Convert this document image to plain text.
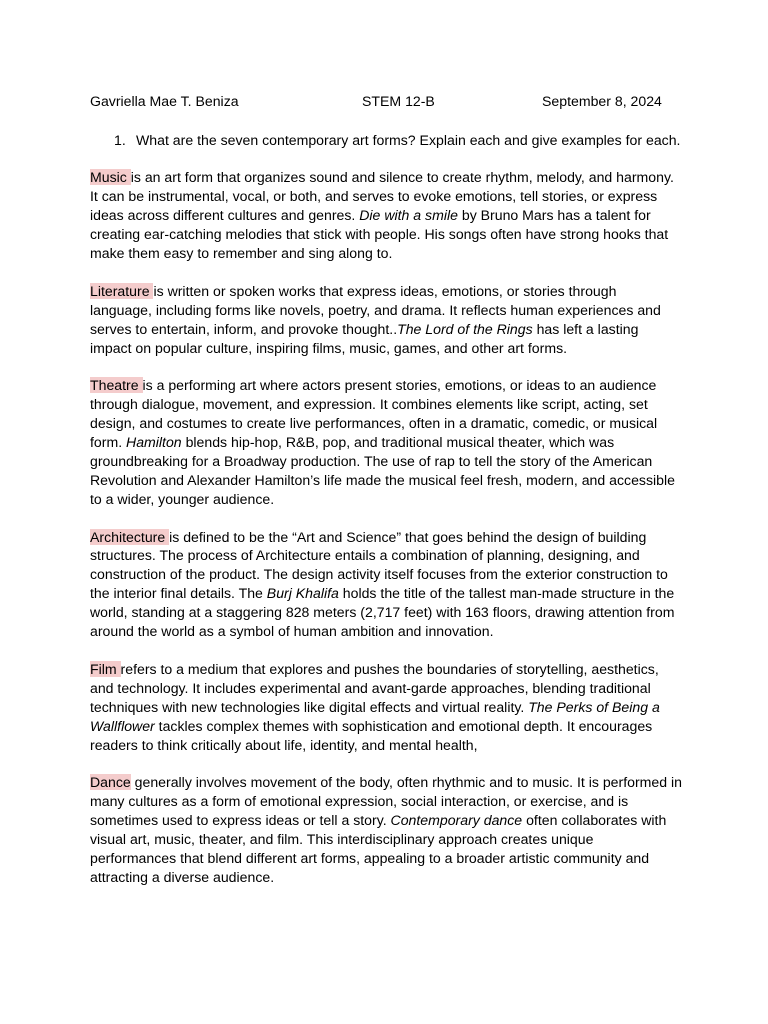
Gavriella Mae T. Beniza	STEM 12-B	September 8, 2024
1. What are the seven contemporary art forms? Explain each and give examples for each.

Music is an art form that organizes sound and silence to create rhythm, melody, and harmony. It can be instrumental, vocal, or both, and serves to evoke emotions, tell stories, or express ideas across different cultures and genres. Die with a smile by Bruno Mars has a talent for creating ear-catching melodies that stick with people. His songs often have strong hooks that make them easy to remember and sing along to.

Literature is written or spoken works that express ideas, emotions, or stories through language, including forms like novels, poetry, and drama. It reflects human experiences and serves to entertain, inform, and provoke thought..The Lord of the Rings has left a lasting impact on popular culture, inspiring films, music, games, and other art forms.

Theatre is a performing art where actors present stories, emotions, or ideas to an audience through dialogue, movement, and expression. It combines elements like script, acting, set design, and costumes to create live performances, often in a dramatic, comedic, or musical form. Hamilton blends hip-hop, R&B, pop, and traditional musical theater, which was groundbreaking for a Broadway production. The use of rap to tell the story of the American Revolution and Alexander Hamilton’s life made the musical feel fresh, modern, and accessible to a wider, younger audience.

Architecture is defined to be the “Art and Science” that goes behind the design of building structures. The process of Architecture entails a combination of planning, designing, and construction of the product. The design activity itself focuses from the exterior construction to the interior final details. The Burj Khalifa holds the title of the tallest man-made structure in the world, standing at a staggering 828 meters (2,717 feet) with 163 floors, drawing attention from around the world as a symbol of human ambition and innovation.

Film refers to a medium that explores and pushes the boundaries of storytelling, aesthetics, and technology. It includes experimental and avant-garde approaches, blending traditional techniques with new technologies like digital effects and virtual reality. The Perks of Being a Wallflower tackles complex themes with sophistication and emotional depth. It encourages readers to think critically about life, identity, and mental health,

Dance generally involves movement of the body, often rhythmic and to music. It is performed in many cultures as a form of emotional expression, social interaction, or exercise, and is sometimes used to express ideas or tell a story. Contemporary dance often collaborates with visual art, music, theater, and film. This interdisciplinary approach creates unique performances that blend different art forms, appealing to a broader artistic community and attracting a diverse audience.
